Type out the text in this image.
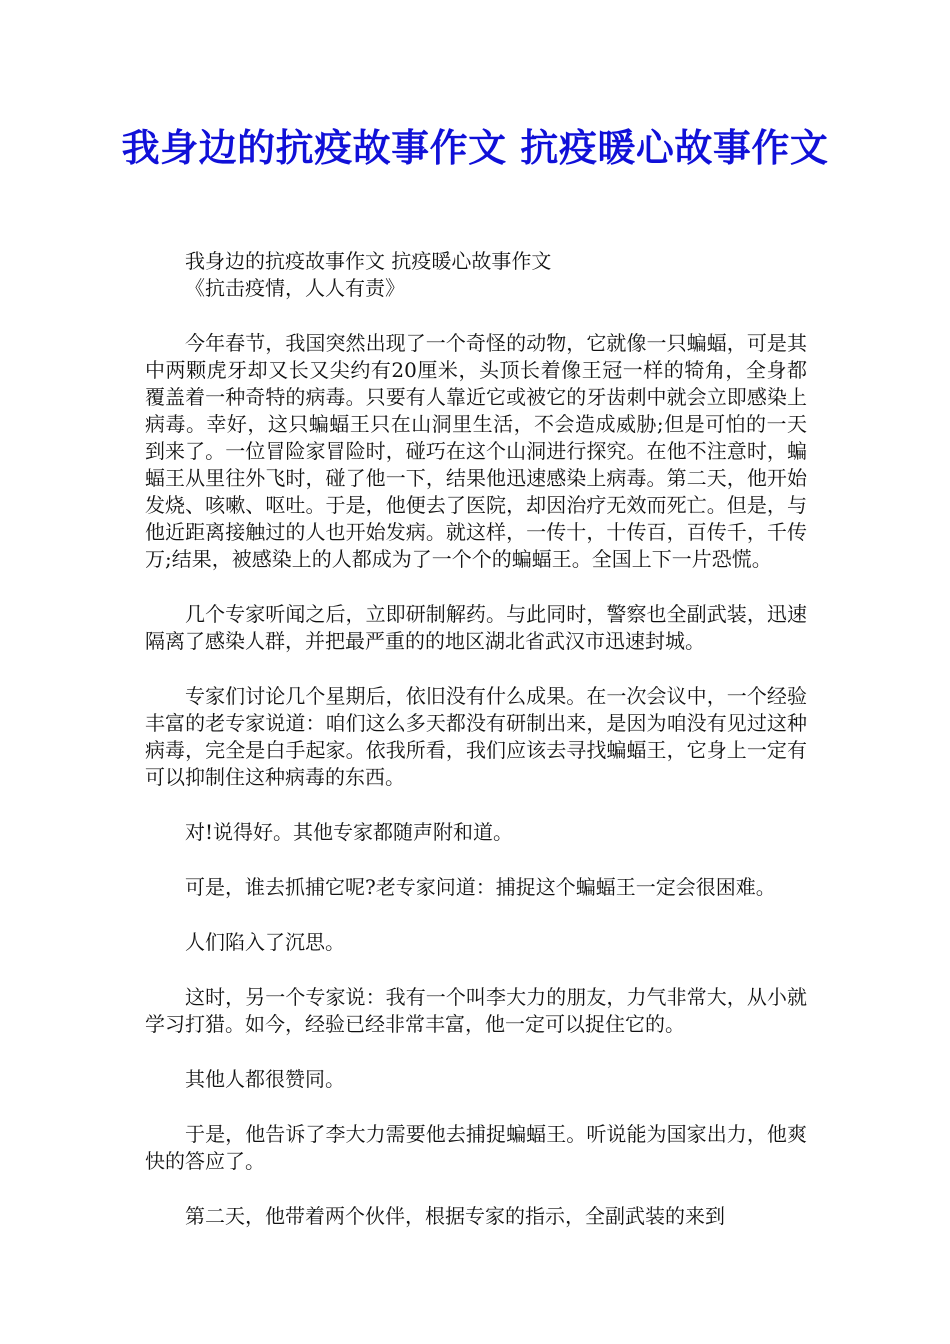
我身边的抗疫故事作文 抗疫暖心故事作文

我身边的抗疫故事作文 抗疫暖心故事作文

《抗击疫情，人人有责》

今年春节，我国突然出现了一个奇怪的动物，它就像一只蝙蝠，可是其中两颗虎牙却又长又尖约有20厘米，头顶长着像王冠一样的犄角，全身都覆盖着一种奇特的病毒。只要有人靠近它或被它的牙齿刺中就会立即感染上病毒。幸好，这只蝙蝠王只在山洞里生活，不会造成威胁;但是可怕的一天到来了。一位冒险家冒险时，碰巧在这个山洞进行探究。在他不注意时，蝙蝠王从里往外飞时，碰了他一下，结果他迅速感染上病毒。第二天，他开始发烧、咳嗽、呕吐。于是，他便去了医院，却因治疗无效而死亡。但是，与他近距离接触过的人也开始发病。就这样，一传十，十传百，百传千，千传万;结果，被感染上的人都成为了一个个的蝙蝠王。全国上下一片恐慌。

几个专家听闻之后，立即研制解药。与此同时，警察也全副武装，迅速隔离了感染人群，并把最严重的的地区湖北省武汉市迅速封城。

专家们讨论几个星期后，依旧没有什么成果。在一次会议中，一个经验丰富的老专家说道：咱们这么多天都没有研制出来，是因为咱没有见过这种病毒，完全是白手起家。依我所看，我们应该去寻找蝙蝠王，它身上一定有可以抑制住这种病毒的东西。

对!说得好。其他专家都随声附和道。

可是，谁去抓捕它呢?老专家问道：捕捉这个蝙蝠王一定会很困难。

人们陷入了沉思。

这时，另一个专家说：我有一个叫李大力的朋友，力气非常大，从小就学习打猎。如今，经验已经非常丰富，他一定可以捉住它的。

其他人都很赞同。

于是，他告诉了李大力需要他去捕捉蝙蝠王。听说能为国家出力，他爽快的答应了。

第二天，他带着两个伙伴，根据专家的指示，全副武装的来到
